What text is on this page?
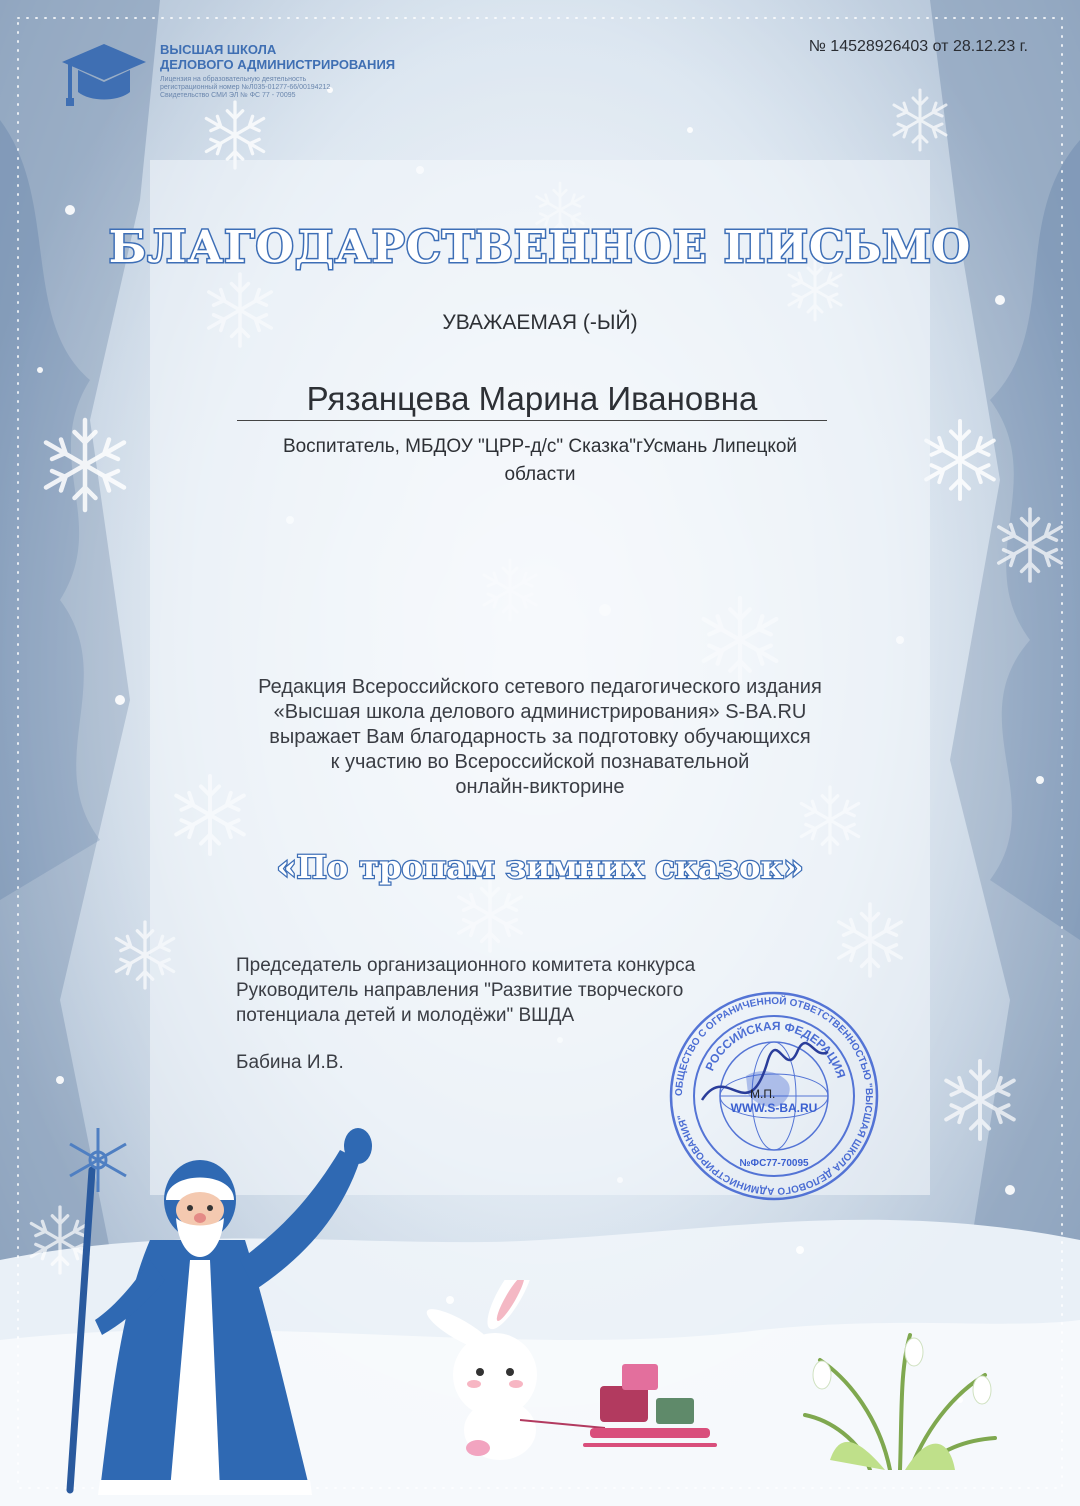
ВЫСШАЯ ШКОЛА
ДЕЛОВОГО АДМИНИСТРИРОВАНИЯ
Лицензия на образовательную деятельность
регистрационный номер №Л035-01277-66/00194212
Свидетельство СМИ ЭЛ № ФС 77 - 70095
№ 14528926403 от 28.12.23 г.
БЛАГОДАРСТВЕННОЕ ПИСЬМО
УВАЖАЕМАЯ (-ЫЙ)
Рязанцева Марина Ивановна
Воспитатель, МБДОУ "ЦРР-д/с" Сказка"гУсмань Липецкой
области
Редакция Всероссийского сетевого педагогического издания
«Высшая школа делового администрирования» S-BA.RU
выражает Вам благодарность за подготовку обучающихся
к участию во Всероссийской познавательной
онлайн-викторине
«По тропам зимних сказок»
Председатель организационного комитета конкурса
Руководитель направления "Развитие творческого
потенциала детей и молодёжи" ВШДА
Бабина И.В.
ОБЩЕСТВО С ОГРАНИЧЕННОЙ ОТВЕТСТВЕННОСТЬЮ "ВЫСШАЯ ШКОЛА ДЕЛОВОГО АДМИНИСТРИРОВАНИЯ"
РОССИЙСКАЯ ФЕДЕРАЦИЯ
WWW.S-BA.RU
№ФС77-70095
М.П.
